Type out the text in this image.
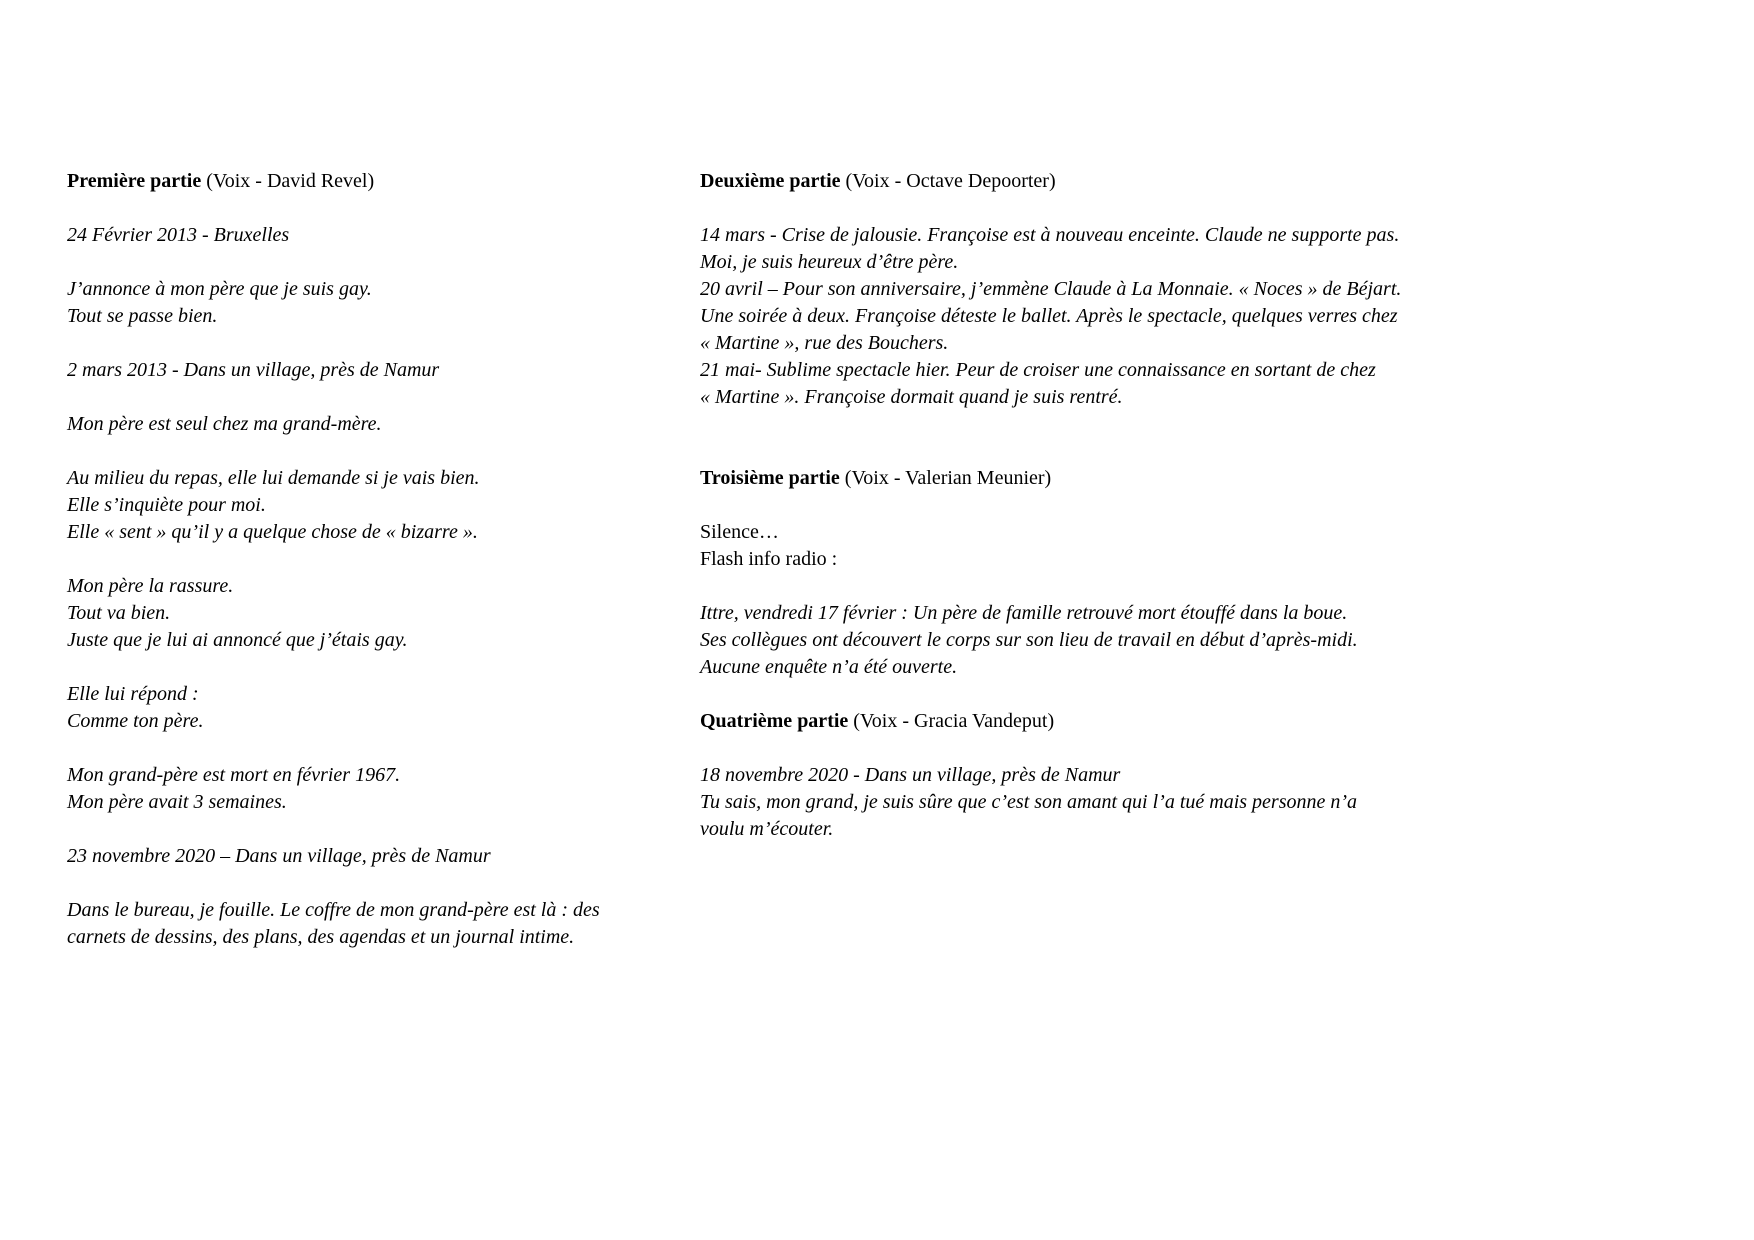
Première partie (Voix - David Revel)

24 Février 2013 - Bruxelles

J’annonce à mon père que je suis gay.
Tout se passe bien.

2 mars 2013 - Dans un village, près de Namur

Mon père est seul chez ma grand-mère.

Au milieu du repas, elle lui demande si je vais bien.
Elle s’inquiète pour moi.
Elle « sent » qu’il y a quelque chose de « bizarre ».

Mon père la rassure.
Tout va bien.
Juste que je lui ai annoncé que j’étais gay.

Elle lui répond :
Comme ton père.

Mon grand-père est mort en février 1967.
Mon père avait 3 semaines.

23 novembre 2020 – Dans un village, près de Namur

Dans le bureau, je fouille. Le coffre de mon grand-père est là : des
carnets de dessins, des plans, des agendas et un journal intime.

Deuxième partie (Voix - Octave Depoorter)

14 mars - Crise de jalousie. Françoise est à nouveau enceinte. Claude ne supporte pas.
Moi, je suis heureux d’être père.
20 avril – Pour son anniversaire, j’emmène Claude à La Monnaie. « Noces » de Béjart.
Une soirée à deux. Françoise déteste le ballet. Après le spectacle, quelques verres chez
« Martine », rue des Bouchers.
21 mai- Sublime spectacle hier. Peur de croiser une connaissance en sortant de chez
« Martine ». Françoise dormait quand je suis rentré.

Troisième partie (Voix - Valerian Meunier)

Silence…
Flash info radio :

Ittre, vendredi 17 février : Un père de famille retrouvé mort étouffé dans la boue.
Ses collègues ont découvert le corps sur son lieu de travail en début d’après-midi.
Aucune enquête n’a été ouverte.

Quatrième partie (Voix - Gracia Vandeput)

18 novembre 2020 - Dans un village, près de Namur
Tu sais, mon grand, je suis sûre que c’est son amant qui l’a tué mais personne n’a
voulu m’écouter.
